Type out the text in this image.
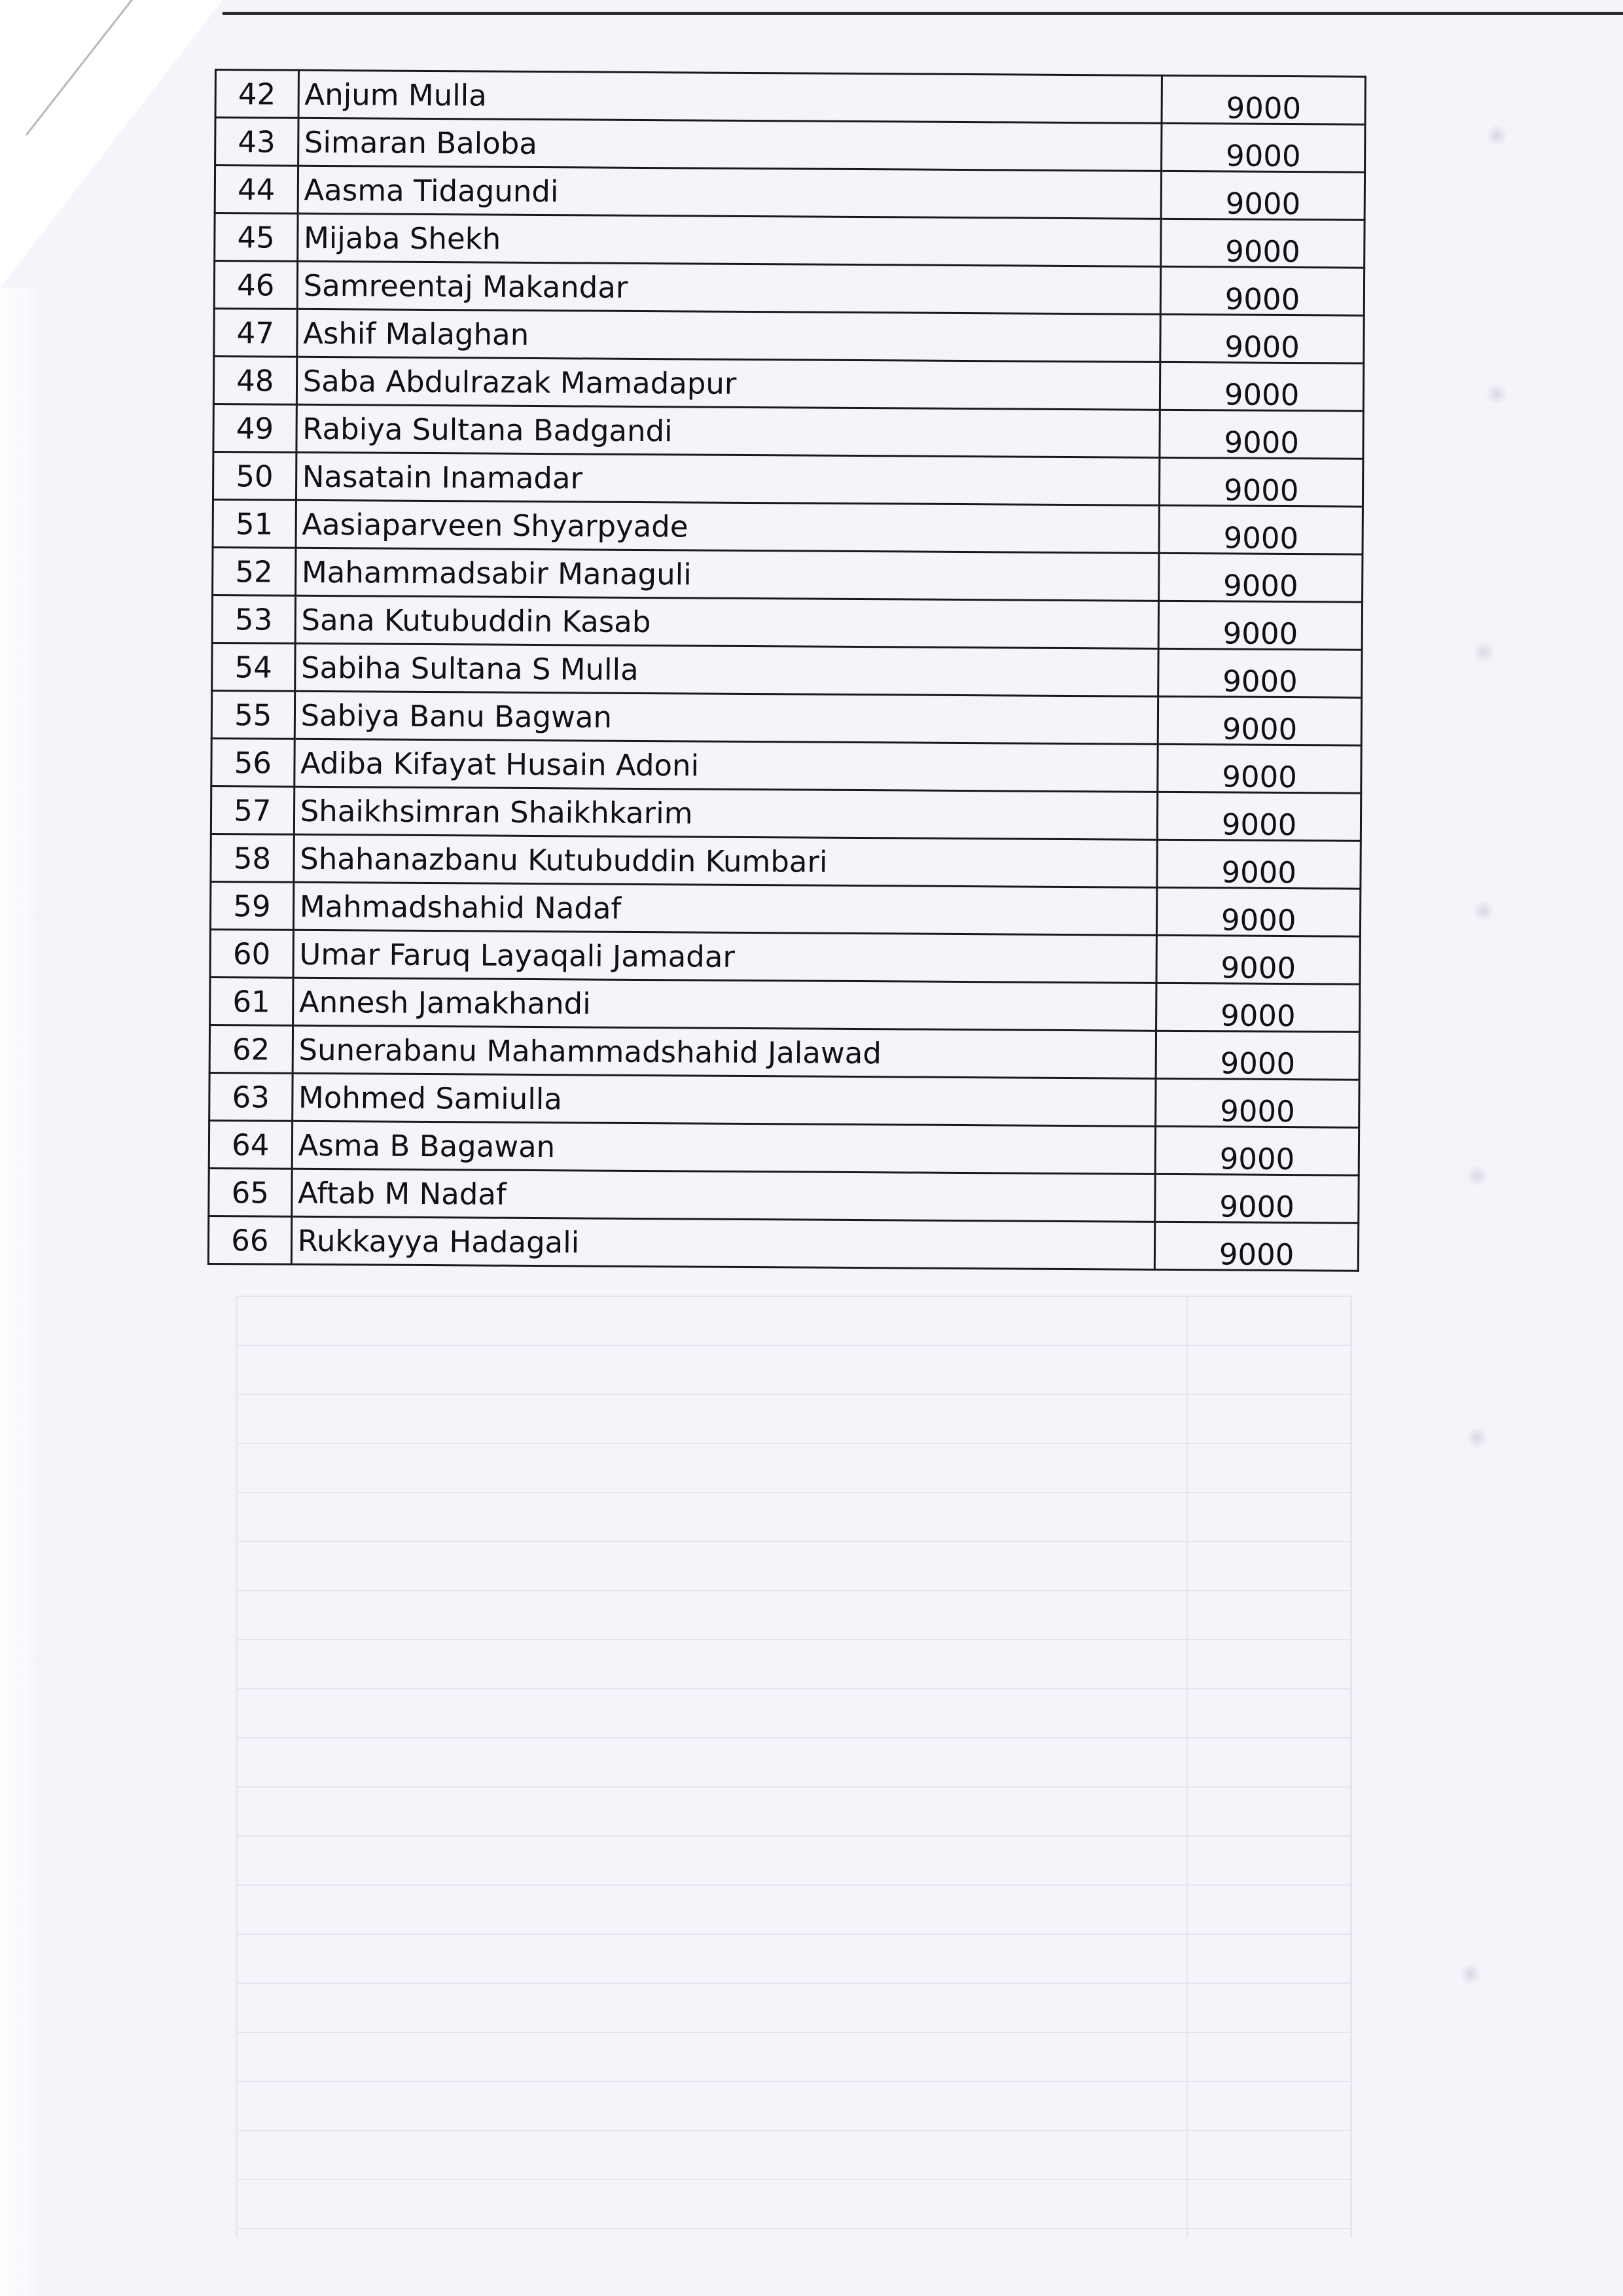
42	Anjum Mulla	9000
43	Simaran Baloba	9000
44	Aasma Tidagundi	9000
45	Mijaba Shekh	9000
46	Samreentaj Makandar	9000
47	Ashif Malaghan	9000
48	Saba Abdulrazak Mamadapur	9000
49	Rabiya Sultana Badgandi	9000
50	Nasatain Inamadar	9000
51	Aasiaparveen Shyarpyade	9000
52	Mahammadsabir Managuli	9000
53	Sana Kutubuddin Kasab	9000
54	Sabiha Sultana S Mulla	9000
55	Sabiya Banu Bagwan	9000
56	Adiba Kifayat Husain Adoni	9000
57	Shaikhsimran Shaikhkarim	9000
58	Shahanazbanu Kutubuddin Kumbari	9000
59	Mahmadshahid Nadaf	9000
60	Umar Faruq Layaqali Jamadar	9000
61	Annesh Jamakhandi	9000
62	Sunerabanu Mahammadshahid Jalawad	9000
63	Mohmed Samiulla	9000
64	Asma B Bagawan	9000
65	Aftab M Nadaf	9000
66	Rukkayya Hadagali	9000
